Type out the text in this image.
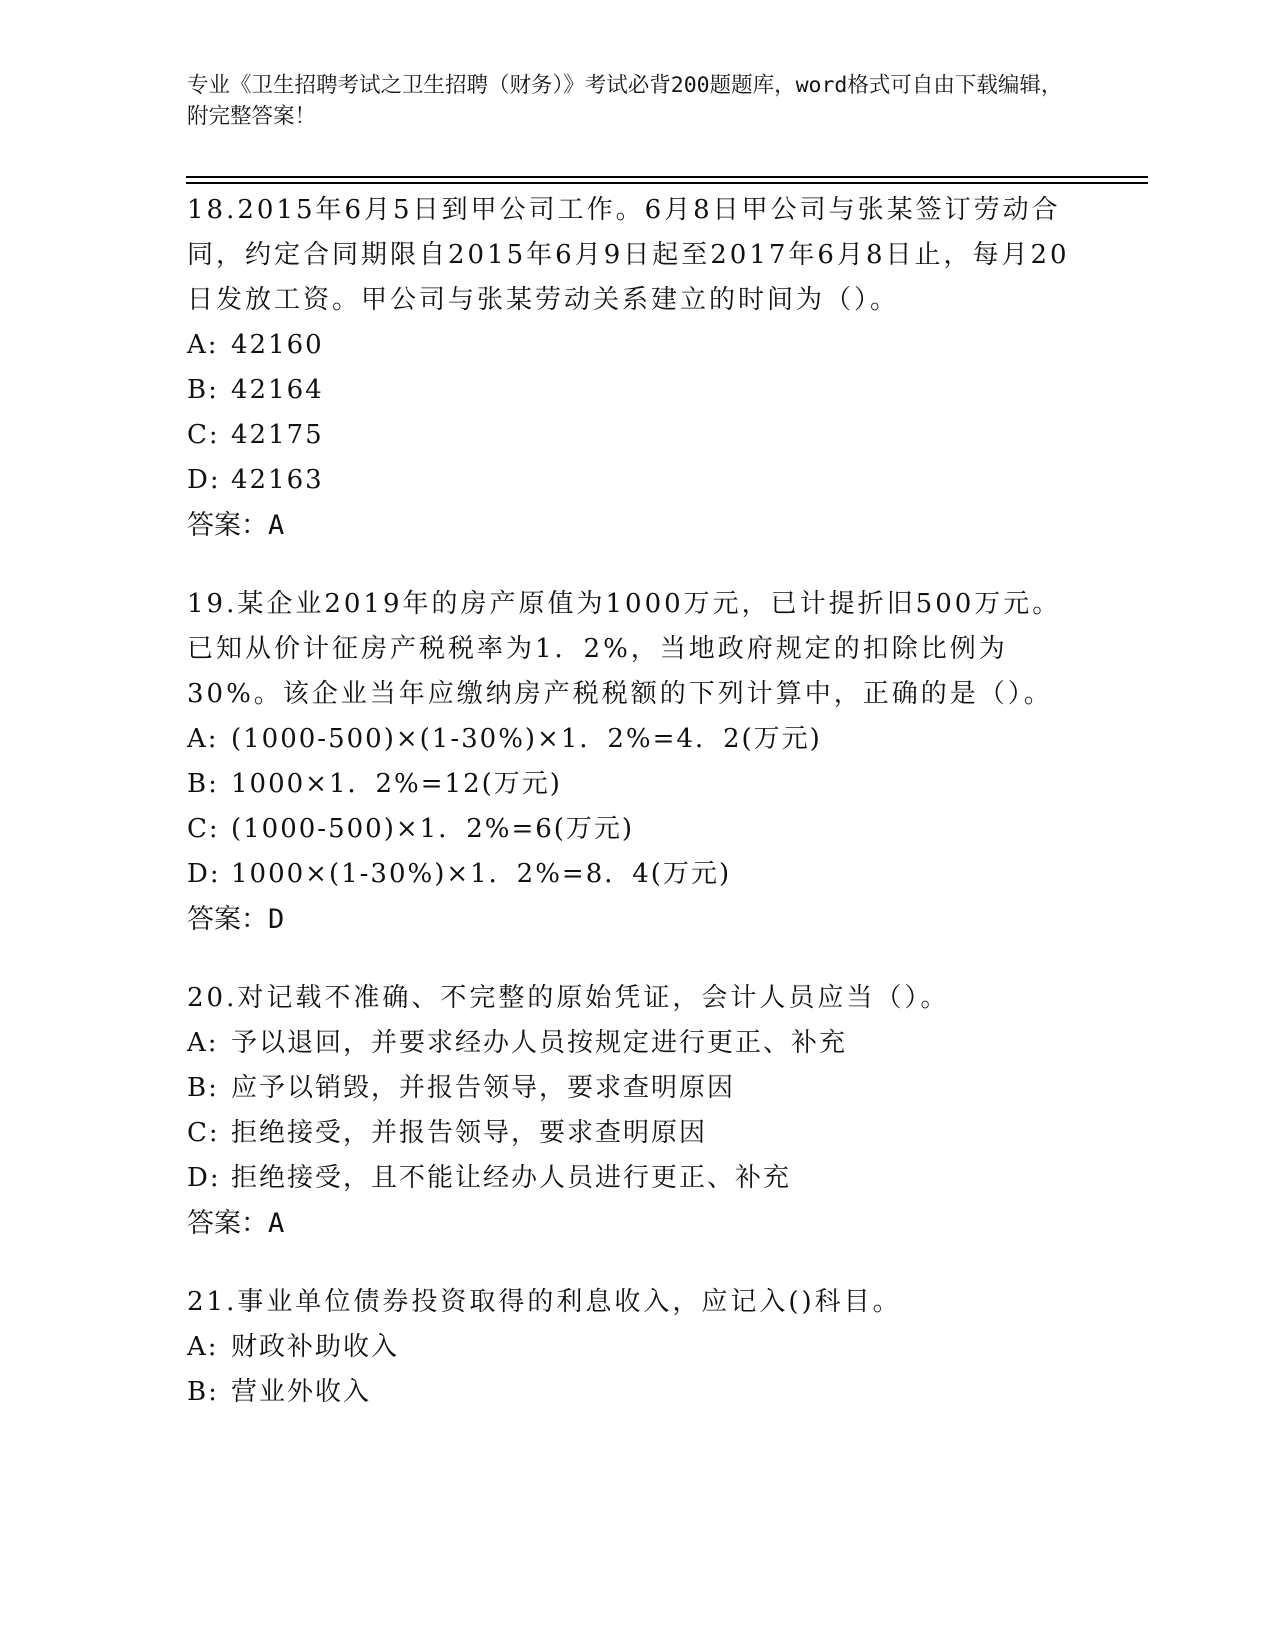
专业《卫生招聘考试之卫生招聘（财务）》考试必背200题题库，word格式可自由下载编辑，附完整答案！

18.2015年6月5日到甲公司工作。6月8日甲公司与张某签订劳动合同，约定合同期限自2015年6月9日起至2017年6月8日止，每月20日发放工资。甲公司与张某劳动关系建立的时间为（）。

A: 42160

B: 42164

C: 42175

D: 42163

答案：A

19.某企业2019年的房产原值为1000万元，已计提折旧500万元。已知从价计征房产税税率为1．2%，当地政府规定的扣除比例为30%。该企业当年应缴纳房产税税额的下列计算中，正确的是（）。

A: (1000-500)×(1-30%)×1．2%=4．2(万元)

B: 1000×1．2%=12(万元)

C: (1000-500)×1．2%=6(万元)

D: 1000×(1-30%)×1．2%=8．4(万元)

答案：D

20.对记载不准确、不完整的原始凭证，会计人员应当（）。

A: 予以退回，并要求经办人员按规定进行更正、补充

B: 应予以销毁，并报告领导，要求查明原因

C: 拒绝接受，并报告领导，要求查明原因

D: 拒绝接受，且不能让经办人员进行更正、补充

答案：A

21.事业单位债券投资取得的利息收入，应记入()科目。

A: 财政补助收入

B: 营业外收入
